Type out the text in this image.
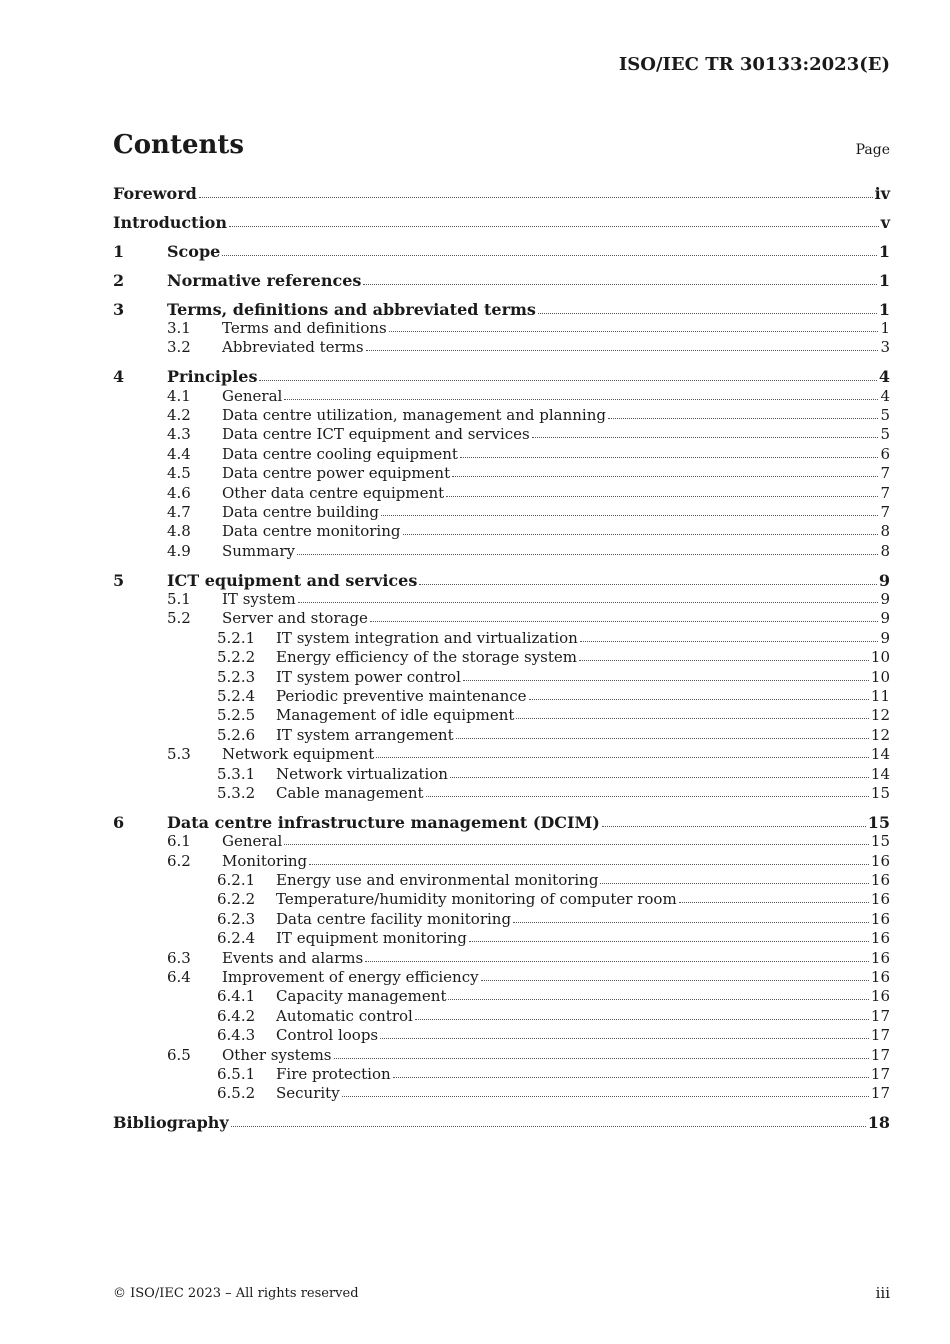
ISO/IEC TR 30133:2023(E)
Contents	Page
Foreword	iv
Introduction	v
1	Scope	1
2	Normative references	1
3	Terms, definitions and abbreviated terms	1
3.1 Terms and definitions	1
3.2 Abbreviated terms	3
4	Principles	4
4.1 General	4
4.2 Data centre utilization, management and planning	5
4.3 Data centre ICT equipment and services	5
4.4 Data centre cooling equipment	6
4.5 Data centre power equipment	7
4.6 Other data centre equipment	7
4.7 Data centre building	7
4.8 Data centre monitoring	8
4.9 Summary	8
5	ICT equipment and services	9
5.1 IT system	9
5.2 Server and storage	9
5.2.1 IT system integration and virtualization	9
5.2.2 Energy efficiency of the storage system	10
5.2.3 IT system power control	10
5.2.4 Periodic preventive maintenance	11
5.2.5 Management of idle equipment	12
5.2.6 IT system arrangement	12
5.3 Network equipment	14
5.3.1 Network virtualization	14
5.3.2 Cable management	15
6	Data centre infrastructure management (DCIM)	15
6.1 General	15
6.2 Monitoring	16
6.2.1 Energy use and environmental monitoring	16
6.2.2 Temperature/humidity monitoring of computer room	16
6.2.3 Data centre facility monitoring	16
6.2.4 IT equipment monitoring	16
6.3 Events and alarms	16
6.4 Improvement of energy efficiency	16
6.4.1 Capacity management	16
6.4.2 Automatic control	17
6.4.3 Control loops	17
6.5 Other systems	17
6.5.1 Fire protection	17
6.5.2 Security	17
Bibliography	18
© ISO/IEC 2023 – All rights reserved	iii
